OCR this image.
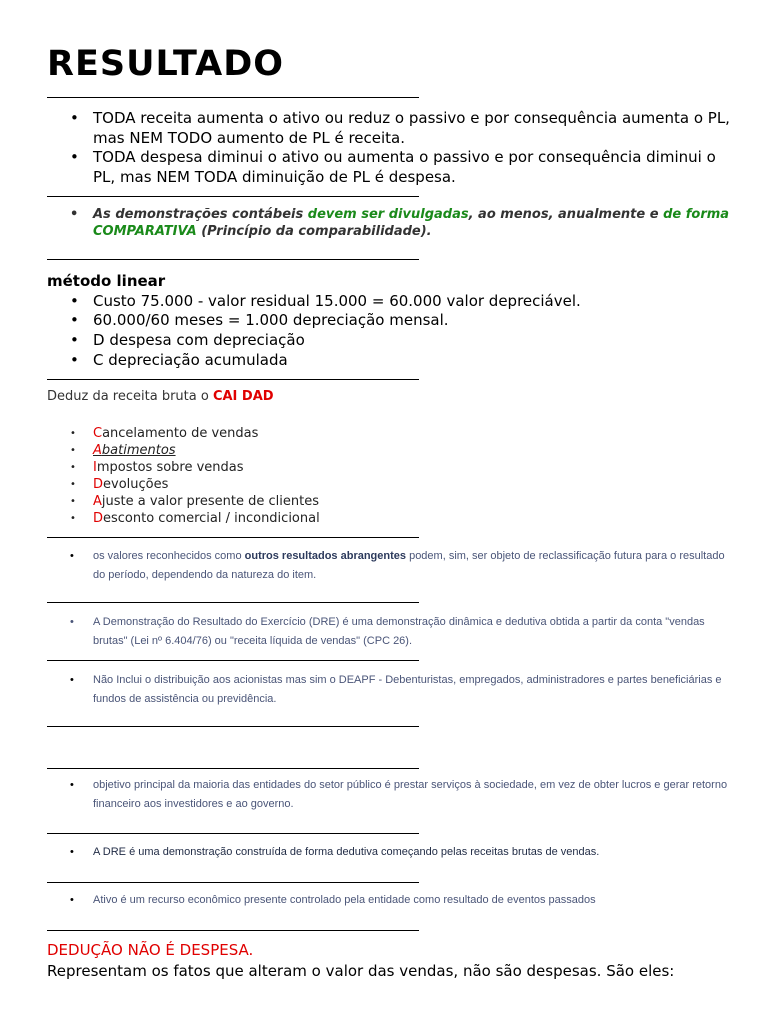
RESULTADO
• TODA receita aumenta o ativo ou reduz o passivo e por consequência aumenta o PL, mas NEM TODO aumento de PL é receita.
• TODA despesa diminui o ativo ou aumenta o passivo e por consequência diminui o PL, mas NEM TODA diminuição de PL é despesa.
•	As demonstrações contábeis devem ser divulgadas, ao menos, anualmente e de forma COMPARATIVA (Princípio da comparabilidade).
método linear
• Custo 75.000 - valor residual 15.000 = 60.000 valor depreciável.
• 60.000/60 meses = 1.000 depreciação mensal.
• D despesa com depreciação
• C depreciação acumulada
Deduz da receita bruta o CAI DAD
• Cancelamento de vendas
• Abatimentos
• Impostos sobre vendas
• Devoluções
• Ajuste a valor presente de clientes
• Desconto comercial / incondicional
•	os valores reconhecidos como outros resultados abrangentes podem, sim, ser objeto de reclassificação futura para o resultado do período, dependendo da natureza do item.
•	A Demonstração do Resultado do Exercício (DRE) é uma demonstração dinâmica e dedutiva obtida a partir da conta "vendas brutas" (Lei nº 6.404/76) ou "receita líquida de vendas" (CPC 26).
•	Não Inclui o distribuição aos acionistas mas sim o DEAPF - Debenturistas, empregados, administradores e partes beneficiárias e fundos de assistência ou previdência.
•	objetivo principal da maioria das entidades do setor público é prestar serviços à sociedade, em vez de obter lucros e gerar retorno financeiro aos investidores e ao governo.
•	A DRE é uma demonstração construída de forma dedutiva começando pelas receitas brutas de vendas.
•	Ativo é um recurso econômico presente controlado pela entidade como resultado de eventos passados
DEDUÇÃO NÃO É DESPESA.
Representam os fatos que alteram o valor das vendas, não são despesas. São eles:
